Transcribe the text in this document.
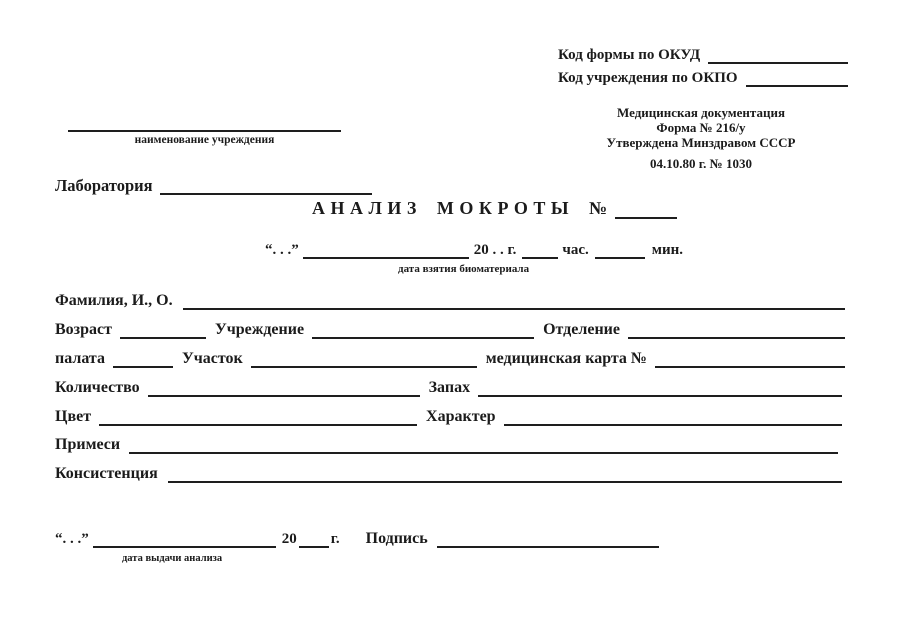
Код формы по ОКУД
Код учреждения по ОКПО
наименование учреждения
Медицинская документация
Форма № 216/у
Утверждена Минздравом СССР
04.10.80 г. № 1030
Лаборатория
АНАЛИЗ МОКРОТЫ №
“. . .”	20 . . г.	час.	мин.
дата взятия биоматериала
Фамилия, И., О.
Возраст	Учреждение	Отделение
палата	Участок	медицинская карта №
Количество	Запах
Цвет	Характер
Примеси
Консистенция
“. . .”	20 г. Подпись
дата выдачи анализа
